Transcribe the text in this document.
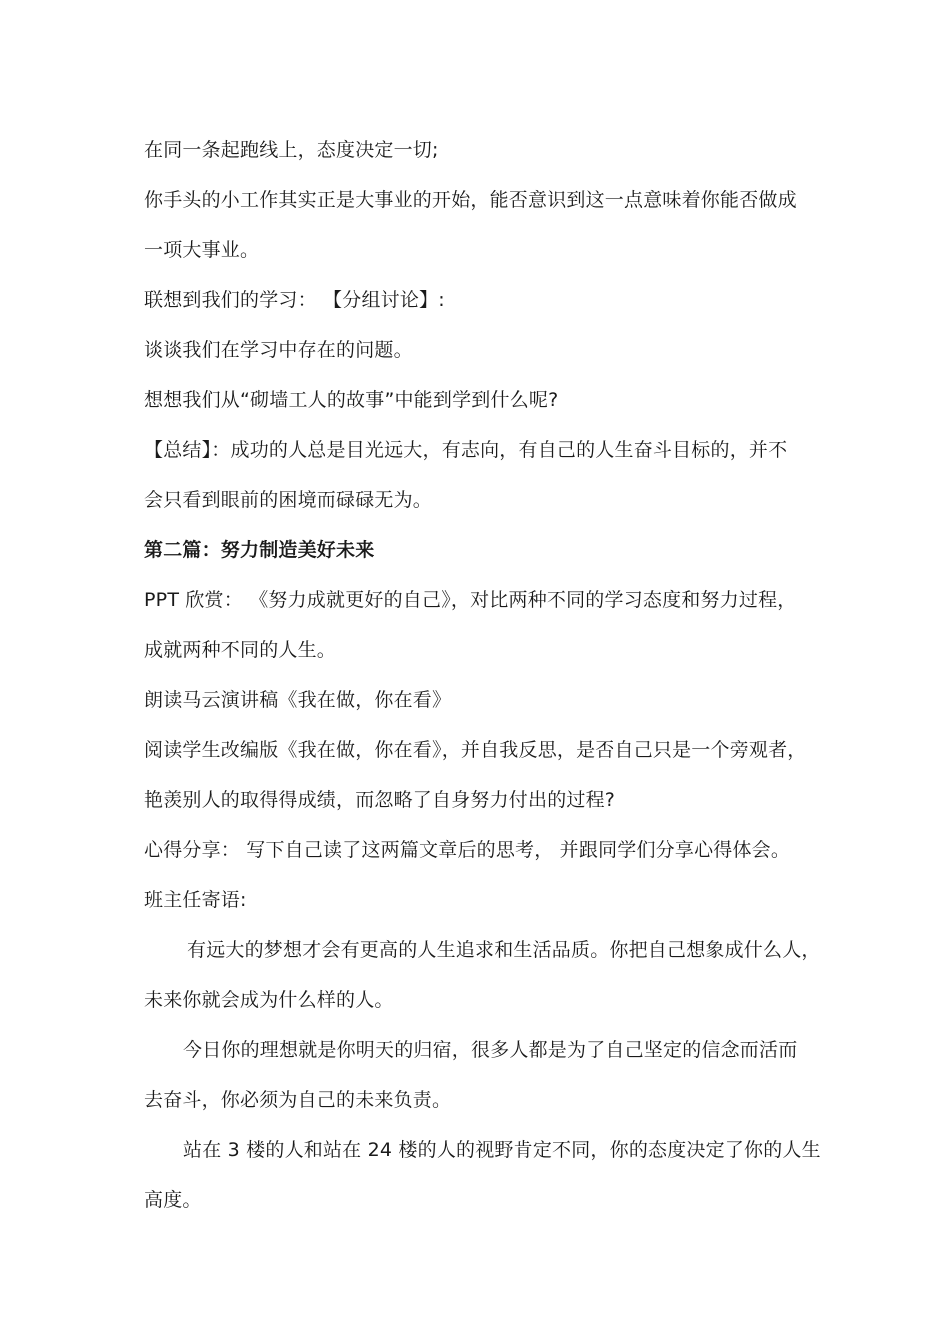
在同一条起跑线上，态度决定一切;
你手头的小工作其实正是大事业的开始，能否意识到这一点意味着你能否做成
一项大事业。
联想到我们的学习： 【分组讨论】:
谈谈我们在学习中存在的问题。
想想我们从“砌墙工人的故事”中能到学到什么呢?
【总结】：成功的人总是目光远大，有志向，有自己的人生奋斗目标的，并不
会只看到眼前的困境而碌碌无为。
第二篇：努力制造美好未来
PPT 欣赏： 《努力成就更好的自己》，对比两种不同的学习态度和努力过程，
成就两种不同的人生。
朗读马云演讲稿《我在做，你在看》
阅读学生改编版《我在做，你在看》，并自我反思，是否自己只是一个旁观者，
艳羡别人的取得得成绩，而忽略了自身努力付出的过程?
心得分享： 写下自己读了这两篇文章后的思考， 并跟同学们分享心得体会。
班主任寄语:
有远大的梦想才会有更高的人生追求和生活品质。你把自己想象成什么人，
未来你就会成为什么样的人。
今日你的理想就是你明天的归宿，很多人都是为了自己坚定的信念而活而
去奋斗，你必须为自己的未来负责。
站在 3 楼的人和站在 24 楼的人的视野肯定不同，你的态度决定了你的人生
高度。
